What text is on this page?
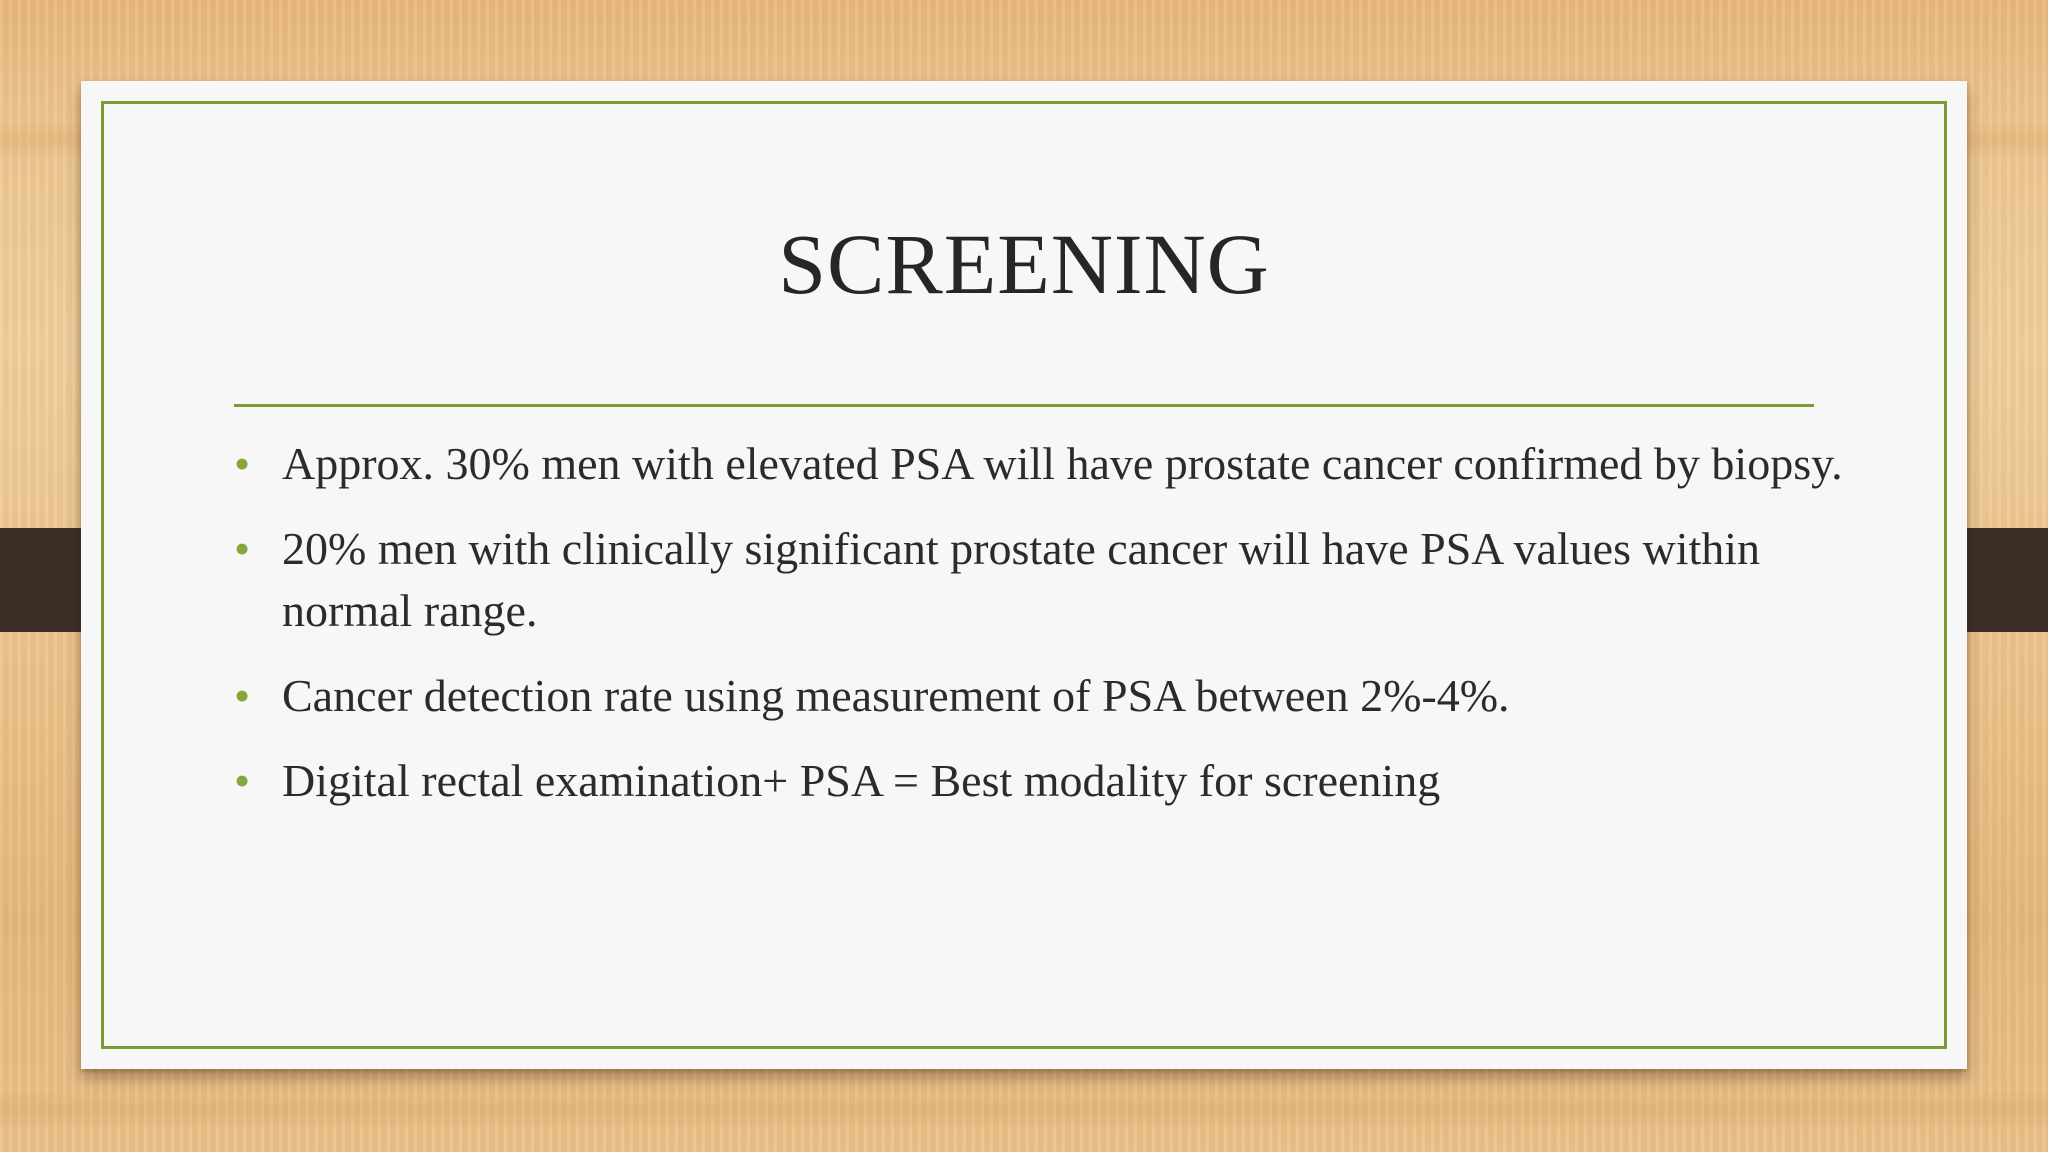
SCREENING
• Approx. 30% men with elevated PSA will have prostate cancer confirmed by biopsy.
• 20% men with clinically significant prostate cancer will have PSA values within normal range.
• Cancer detection rate using measurement of PSA between 2%-4%.
• Digital rectal examination+ PSA = Best modality for screening
